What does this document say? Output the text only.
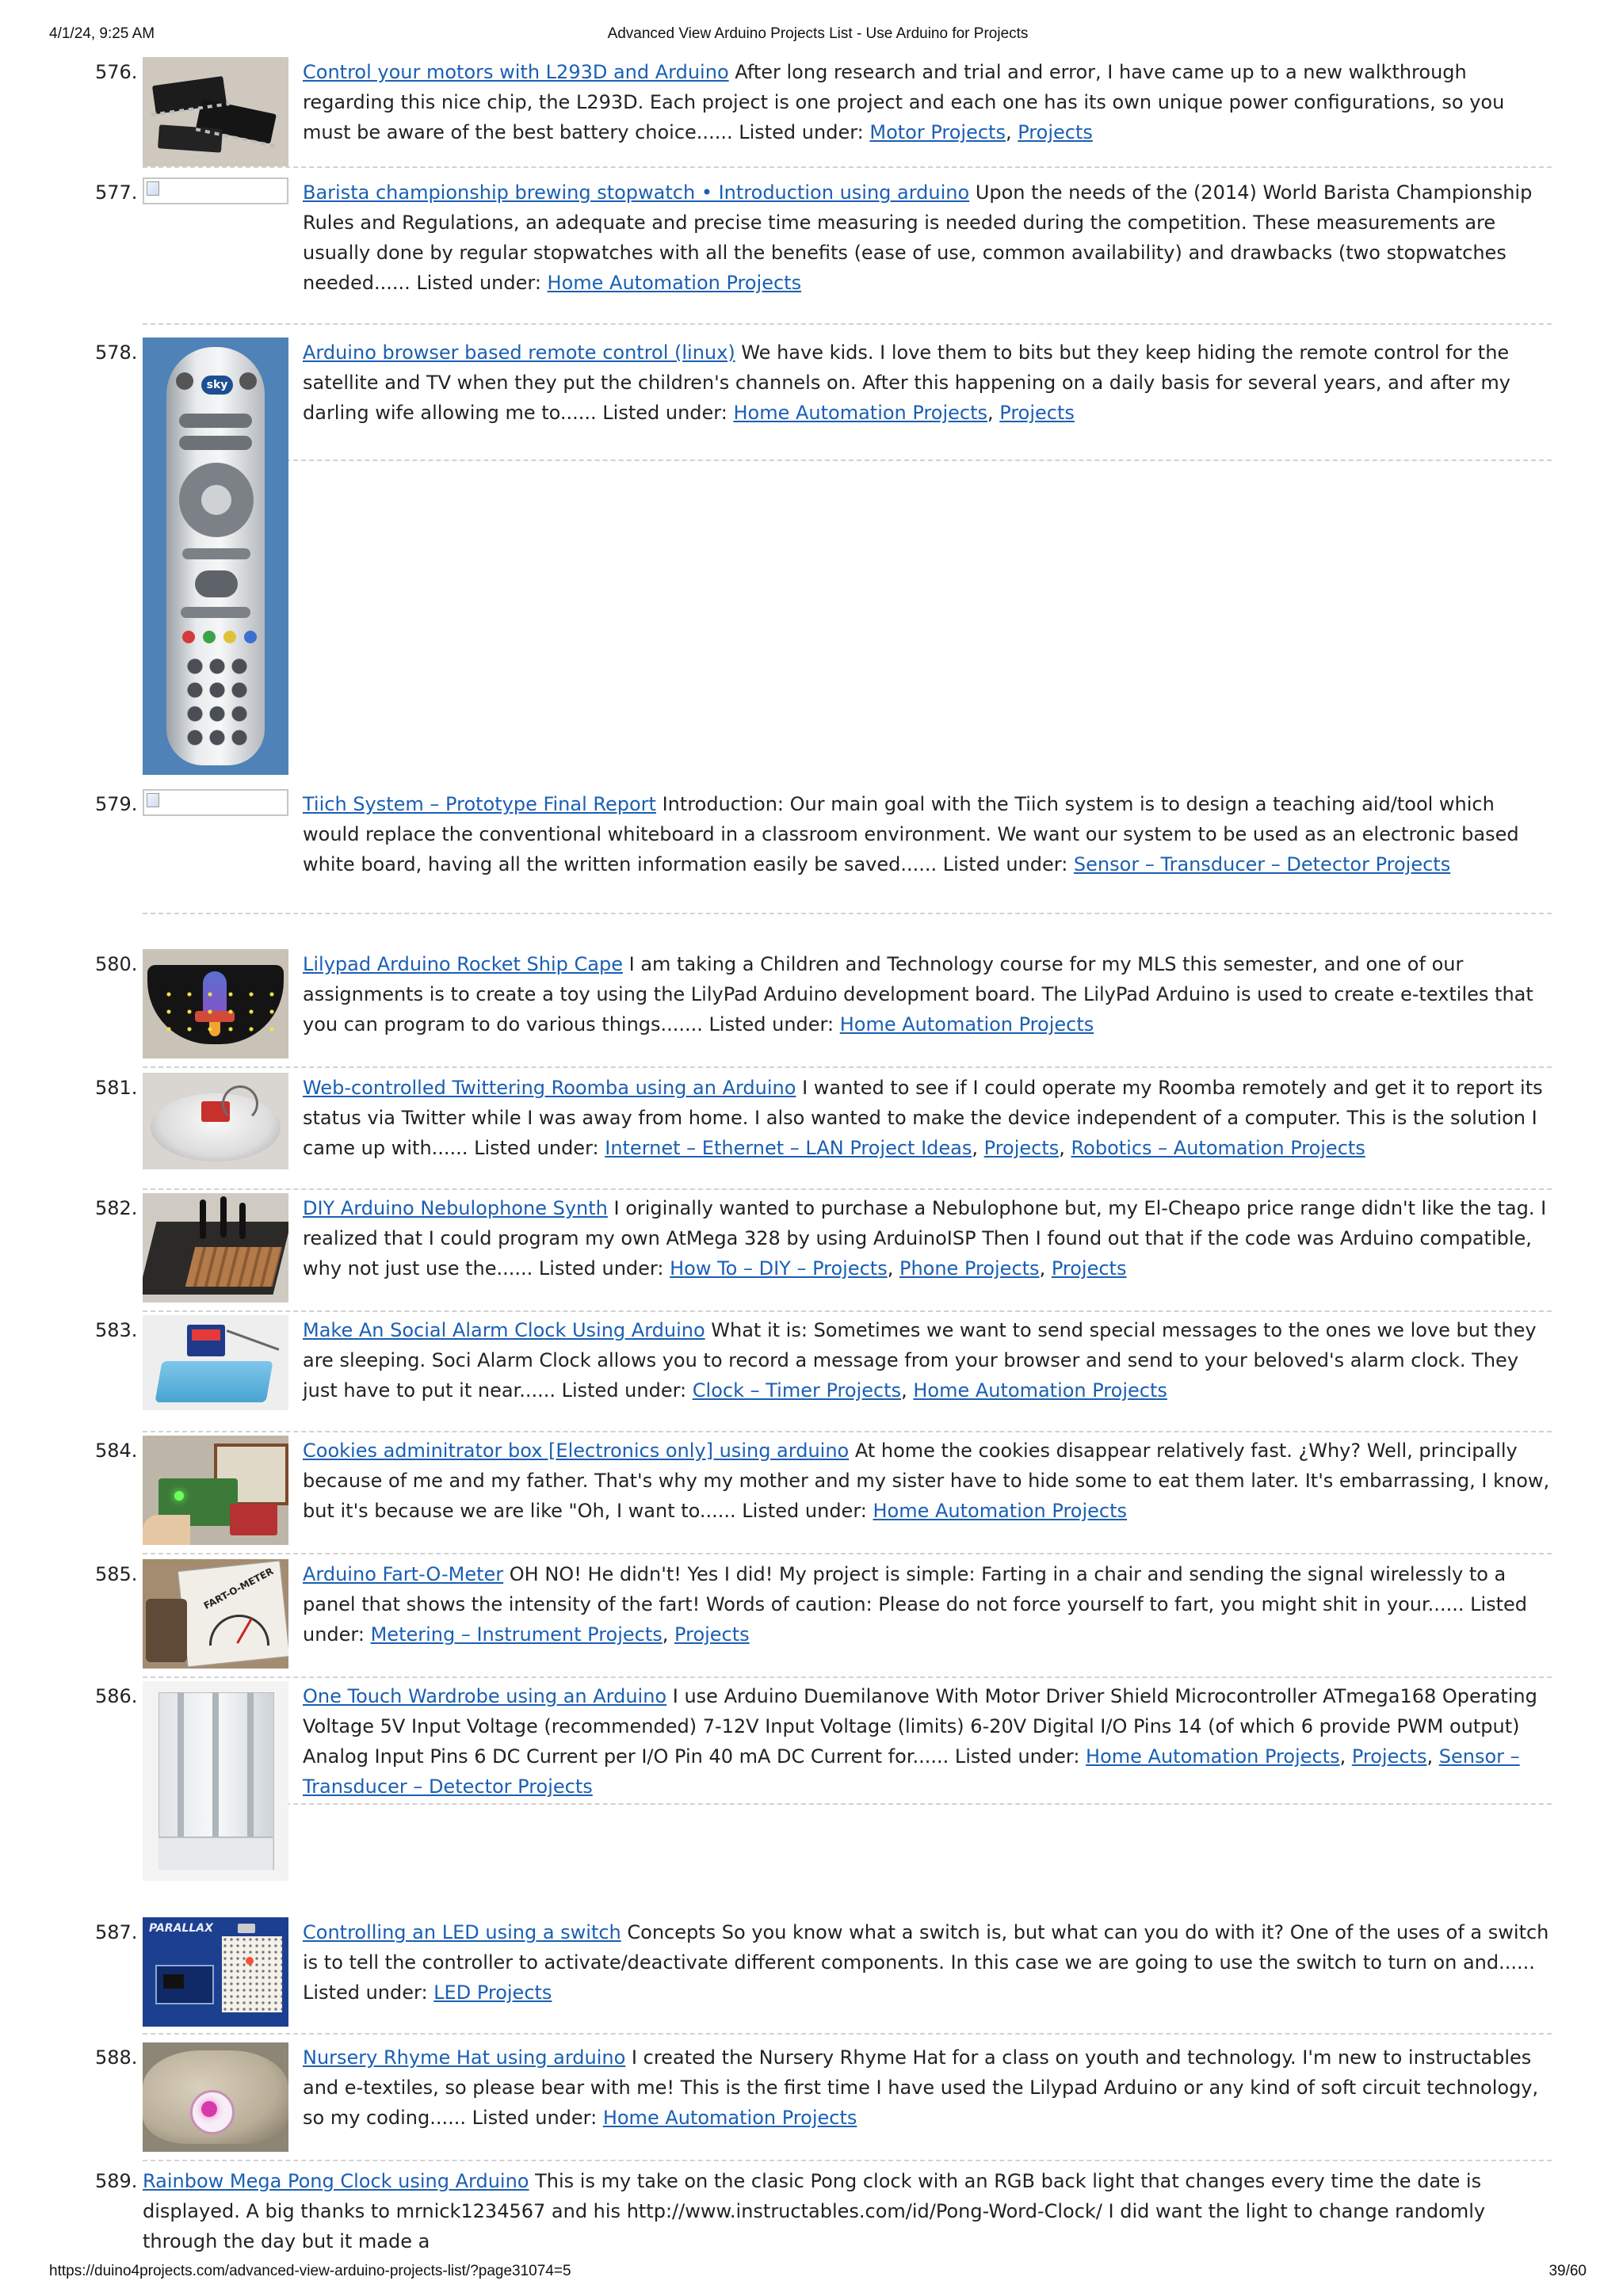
4/1/24, 9:25 AM	Advanced View Arduino Projects List - Use Arduino for Projects
576.	Control your motors with L293D and Arduino After long research and trial and error, I have came up to a new walkthrough regarding this nice chip, the L293D. Each project is one project and each one has its own unique power configurations, so you must be aware of the best battery choice...... Listed under: Motor Projects, Projects
577.	Barista championship brewing stopwatch • Introduction using arduino Upon the needs of the (2014) World Barista Championship Rules and Regulations, an adequate and precise time measuring is needed during the competition. These measurements are usually done by regular stopwatches with all the benefits (ease of use, common availability) and drawbacks (two stopwatches needed...... Listed under: Home Automation Projects
578.
sky
Arduino browser based remote control (linux) We have kids. I love them to bits but they keep hiding the remote control for the satellite and TV when they put the children's channels on. After this happening on a daily basis for several years, and after my darling wife allowing me to...... Listed under: Home Automation Projects, Projects
579.	Tiich System – Prototype Final Report Introduction: Our main goal with the Tiich system is to design a teaching aid/tool which would replace the conventional whiteboard in a classroom environment. We want our system to be used as an electronic based white board, having all the written information easily be saved...... Listed under: Sensor – Transducer – Detector Projects
580.	Lilypad Arduino Rocket Ship Cape I am taking a Children and Technology course for my MLS this semester, and one of our assignments is to create a toy using the LilyPad Arduino development board. The LilyPad Arduino is used to create e-textiles that you can program to do various things....... Listed under: Home Automation Projects
581.	Web-controlled Twittering Roomba using an Arduino I wanted to see if I could operate my Roomba remotely and get it to report its status via Twitter while I was away from home. I also wanted to make the device independent of a computer. This is the solution I came up with...... Listed under: Internet – Ethernet – LAN Project Ideas, Projects, Robotics – Automation Projects
582.	DIY Arduino Nebulophone Synth I originally wanted to purchase a Nebulophone but, my El-Cheapo price range didn't like the tag. I realized that I could program my own AtMega 328 by using ArduinoISP Then I found out that if the code was Arduino compatible, why not just use the...... Listed under: How To – DIY – Projects, Phone Projects, Projects
583.	Make An Social Alarm Clock Using Arduino What it is: Sometimes we want to send special messages to the ones we love but they are sleeping. Soci Alarm Clock allows you to record a message from your browser and send to your beloved's alarm clock. They just have to put it near...... Listed under: Clock – Timer Projects, Home Automation Projects
584.	Cookies adminitrator box [Electronics only] using arduino At home the cookies disappear relatively fast. ¿Why? Well, principally because of me and my father. That's why my mother and my sister have to hide some to eat them later. It's embarrassing, I know, but it's because we are like "Oh, I want to...... Listed under: Home Automation Projects
585.	FART-O-METER Arduino Fart-O-Meter OH NO! He didn't! Yes I did! My project is simple: Farting in a chair and sending the signal wirelessly to a panel that shows the intensity of the fart! Words of caution: Please do not force yourself to fart, you might shit in your...... Listed under: Metering – Instrument Projects, Projects
586.	One Touch Wardrobe using an Arduino I use Arduino Duemilanove With Motor Driver Shield Microcontroller ATmega168 Operating Voltage 5V Input Voltage (recommended) 7-12V Input Voltage (limits) 6-20V Digital I/O Pins 14 (of which 6 provide PWM output) Analog Input Pins 6 DC Current per I/O Pin 40 mA DC Current for...... Listed under: Home Automation Projects, Projects, Sensor – Transducer – Detector Projects
587. PARALLAX	Controlling an LED using a switch Concepts So you know what a switch is, but what can you do with it? One of the uses of a switch is to tell the controller to activate/deactivate different components. In this case we are going to use the switch to turn on and...... Listed under: LED Projects
588.	Nursery Rhyme Hat using arduino I created the Nursery Rhyme Hat for a class on youth and technology. I'm new to instructables and e-textiles, so please bear with me! This is the first time I have used the Lilypad Arduino or any kind of soft circuit technology, so my coding...... Listed under: Home Automation Projects
589. Rainbow Mega Pong Clock using Arduino This is my take on the clasic Pong clock with an RGB back light that changes every time the date is displayed. A big thanks to mrnick1234567 and his http://www.instructables.com/id/Pong-Word-Clock/ I did want the light to change randomly through the day but it made a
https://duino4projects.com/advanced-view-arduino-projects-list/?page31074=5	39/60
